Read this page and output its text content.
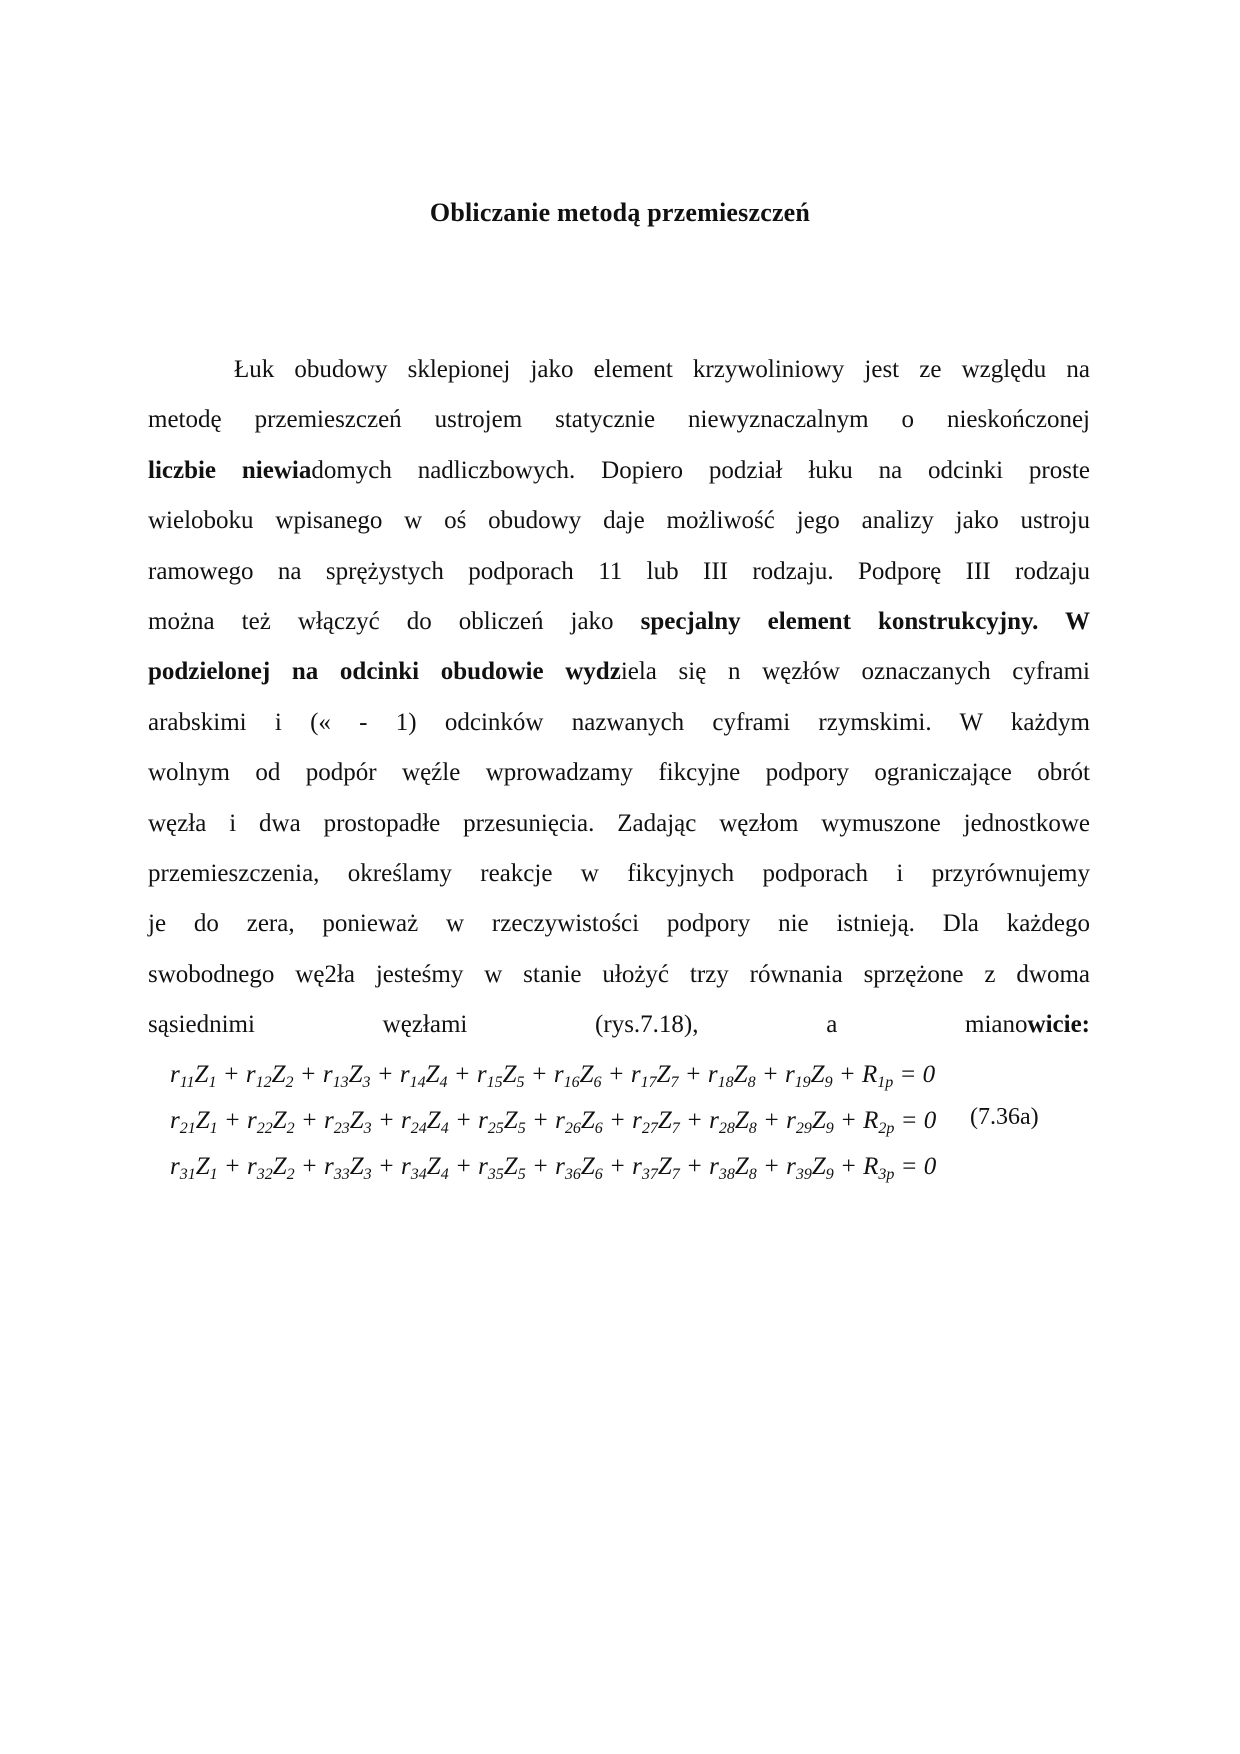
Obliczanie metodą przemieszczeń
Łuk obudowy sklepionej jako element krzywoliniowy jest ze względu na
metodę przemieszczeń ustrojem statycznie niewyznaczalnym o nieskończonej
liczbie niewiadomych nadliczbowych. Dopiero podział łuku na odcinki proste
wieloboku wpisanego w oś obudowy daje możliwość jego analizy jako ustroju
ramowego na sprężystych podporach 11 lub III rodzaju. Podporę III rodzaju
można też włączyć do obliczeń jako specjalny element konstrukcyjny. W
podzielonej na odcinki obudowie wydziela się n węzłów oznaczanych cyframi
arabskimi i (« - 1) odcinków nazwanych cyframi rzymskimi. W każdym
wolnym od podpór węźle wprowadzamy fikcyjne podpory ograniczające obrót
węzła i dwa prostopadłe przesunięcia. Zadając węzłom wymuszone jednostkowe
przemieszczenia, określamy reakcje w fikcyjnych podporach i przyrównujemy
je do zera, ponieważ w rzeczywistości podpory nie istnieją. Dla każdego
swobodnego wę2ła jesteśmy w stanie ułożyć trzy równania sprzężone z dwoma
sąsiednimi węzłami (rys.7.18), a mianowicie:
$r_{11}Z_1 + r_{12}Z_2 + r_{13}Z_3 + r_{14}Z_4 + r_{15}Z_5 + r_{16}Z_6 + r_{17}Z_7 + r_{18}Z_8 + r_{19}Z_9 + R_{1p} = 0$
$r_{21}Z_1 + r_{22}Z_2 + r_{23}Z_3 + r_{24}Z_4 + r_{25}Z_5 + r_{26}Z_6 + r_{27}Z_7 + r_{28}Z_8 + r_{29}Z_9 + R_{2p} = 0$
$r_{31}Z_1 + r_{32}Z_2 + r_{33}Z_3 + r_{34}Z_4 + r_{35}Z_5 + r_{36}Z_6 + r_{37}Z_7 + r_{38}Z_8 + r_{39}Z_9 + R_{3p} = 0$
(7.36a)
